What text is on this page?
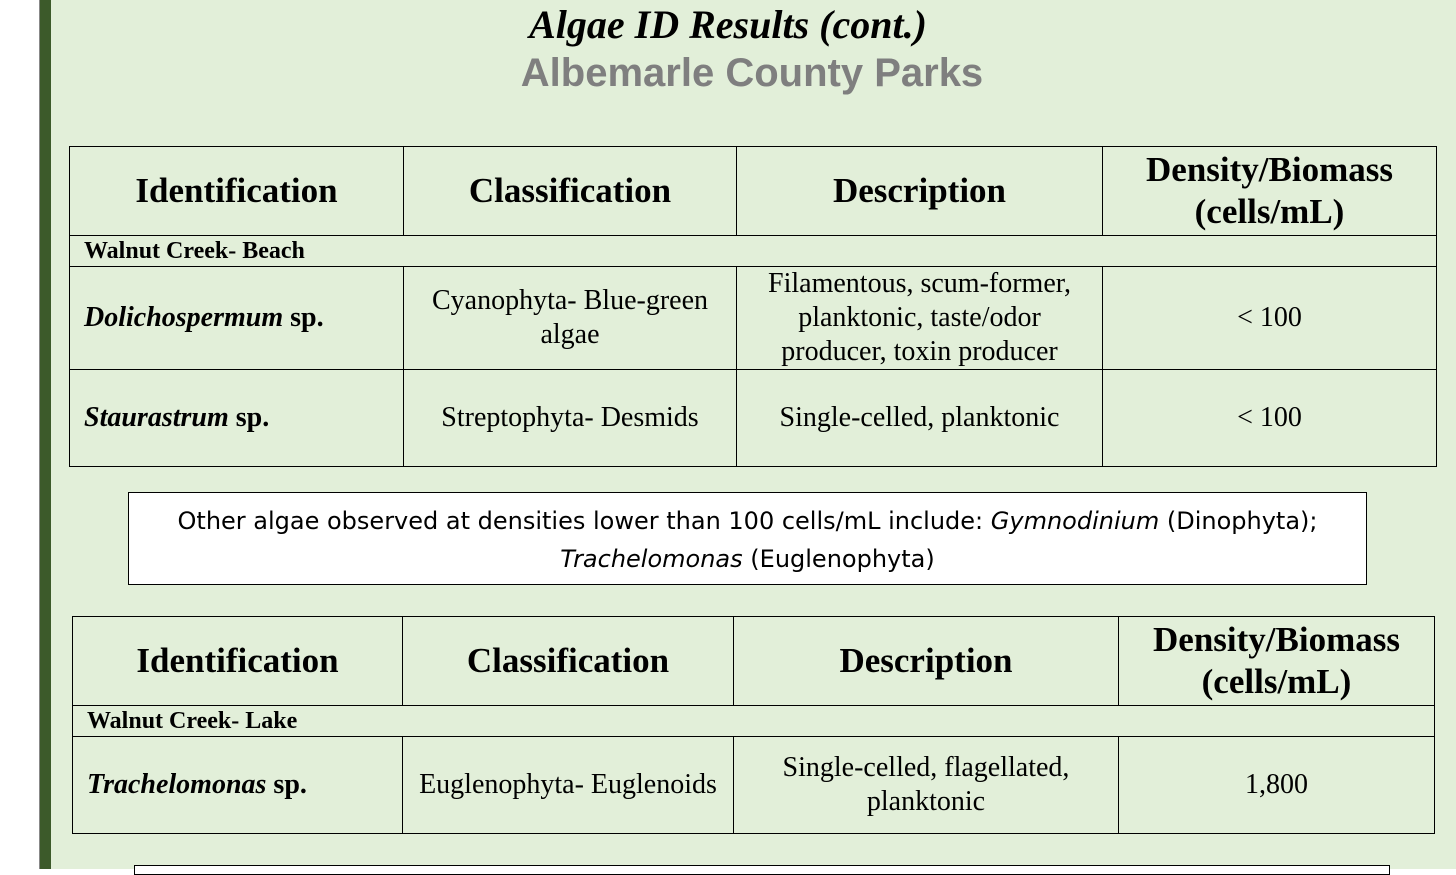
Algae ID Results (cont.)
Albemarle County Parks
Identification	Classification	Description	Density/Biomass
(cells/mL)
Walnut Creek- Beach			
Dolichospermum sp.	Cyanophyta- Blue-green algae	Filamentous, scum-former, planktonic, taste/odor producer, toxin producer	< 100
Staurastrum sp.	Streptophyta- Desmids	Single-celled, planktonic	< 100
Other algae observed at densities lower than 100 cells/mL include: Gymnodinium (Dinophyta);
Trachelomonas (Euglenophyta)
Identification	Classification	Description	Density/Biomass
(cells/mL)
Walnut Creek- Lake			
Trachelomonas sp.	Euglenophyta- Euglenoids	Single-celled, flagellated, planktonic	1,800
